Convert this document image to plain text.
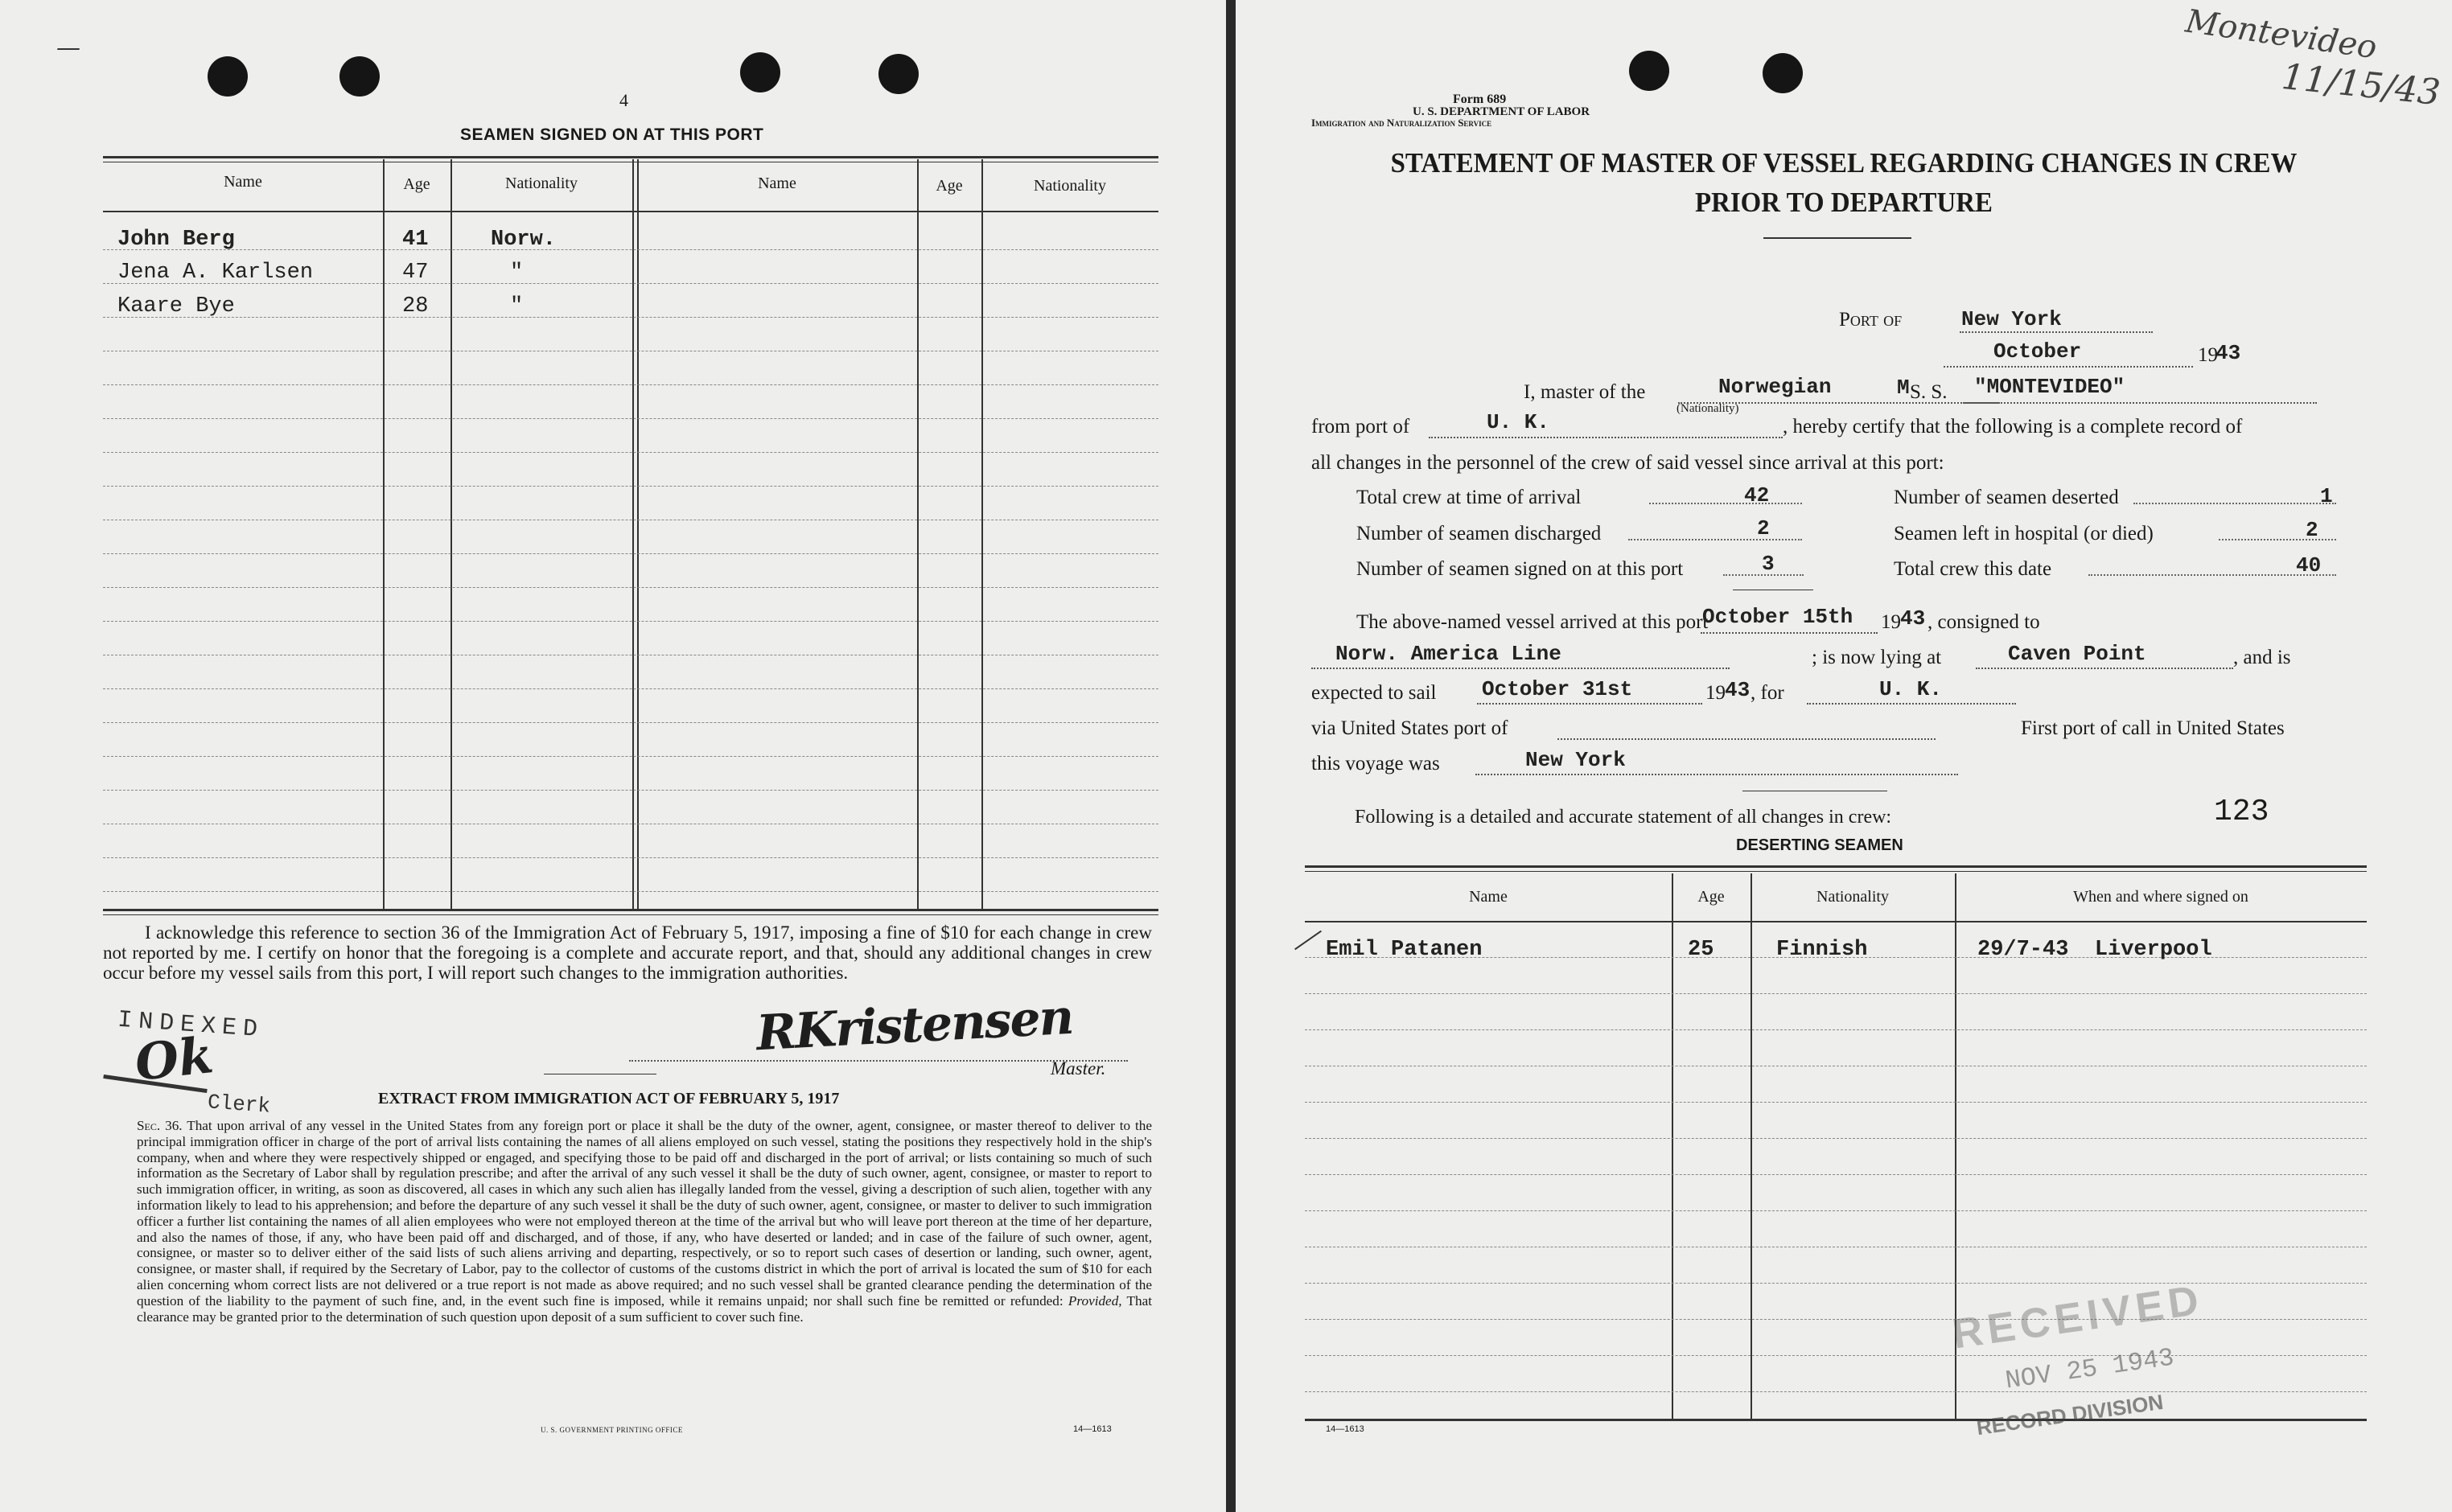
—
4
SEAMEN SIGNED ON AT THIS PORT
Name	Age	Nationality	Name	Age	Nationality
John Berg	41	Norw.
Jena A. Karlsen	47	"
Kaare Bye	28	"
I acknowledge this reference to section 36 of the Immigration Act of February 5, 1917, imposing a fine of $10 for each change in crew not reported by me. I certify on honor that the foregoing is a complete and accurate report, and that, should any additional changes in crew occur before my vessel sails from this port, I will report such changes to the immigration authorities.
INDEXED
Ok
Clerk
RKristensen
Master.
EXTRACT FROM IMMIGRATION ACT OF FEBRUARY 5, 1917
Sec. 36. That upon arrival of any vessel in the United States from any foreign port or place it shall be the duty of the owner, agent, consignee, or master thereof to deliver to the principal immigration officer in charge of the port of arrival lists containing the names of all aliens employed on such vessel, stating the positions they respectively hold in the ship's company, when and where they were respectively shipped or engaged, and specifying those to be paid off and discharged in the port of arrival; or lists containing so much of such information as the Secretary of Labor shall by regulation prescribe; and after the arrival of any such vessel it shall be the duty of such owner, agent, consignee, or master to report to such immigration officer, in writing, as soon as discovered, all cases in which any such alien has illegally landed from the vessel, giving a description of such alien, together with any information likely to lead to his apprehension; and before the departure of any such vessel it shall be the duty of such owner, agent, consignee, or master to deliver to such immigration officer a further list containing the names of all alien employees who were not employed thereon at the time of the arrival but who will leave port thereon at the time of her departure, and also the names of those, if any, who have been paid off and discharged, and of those, if any, who have deserted or landed; and in case of the failure of such owner, agent, consignee, or master so to deliver either of the said lists of such aliens arriving and departing, respectively, or so to report such cases of desertion or landing, such owner, agent, consignee, or master shall, if required by the Secretary of Labor, pay to the collector of customs of the customs district in which the port of arrival is located the sum of $10 for each alien concerning whom correct lists are not delivered or a true report is not made as above required; and no such vessel shall be granted clearance pending the determination of the question of the liability to the payment of such fine, and, in the event such fine is imposed, while it remains unpaid; nor shall such fine be remitted or refunded: Provided, That clearance may be granted prior to the determination of such question upon deposit of a sum sufficient to cover such fine.
U. S. GOVERNMENT PRINTING OFFICE	14—1613
Montevideo
11/15/43
Form 689
U. S. DEPARTMENT OF LABOR
Immigration and Naturalization Service
STATEMENT OF MASTER OF VESSEL REGARDING CHANGES IN CREW
PRIOR TO DEPARTURE
Port of	New York
October	19
43
I, master of the	Norwegian
(Nationality)
M S. S. "MONTEVIDEO"
from port of	U. K.	, hereby certify that the following is a complete record of
all changes in the personnel of the crew of said vessel since arrival at this port:
Total crew at time of arrival	42	Number of seamen deserted	1
Number of seamen discharged	2	Seamen left in hospital (or died)	2
Number of seamen signed on at this port	3	Total crew this date	40
The above-named vessel arrived at this port
October 15th 19 43 , consigned to
Norw. America Line	; is now lying at	Caven Point	, and is
expected to sail October 31st	19 43 , for	U. K.
via United States port of	First port of call in United States
this voyage was	New York
Following is a detailed and accurate statement of all changes in crew:	123
DESERTING SEAMEN
Name	Age	Nationality	When and where signed on
Emil Patanen	25	Finnish	29/7-43  Liverpool
RECEIVED
NOV 25 1943
RECORD DIVISION
14—1613
